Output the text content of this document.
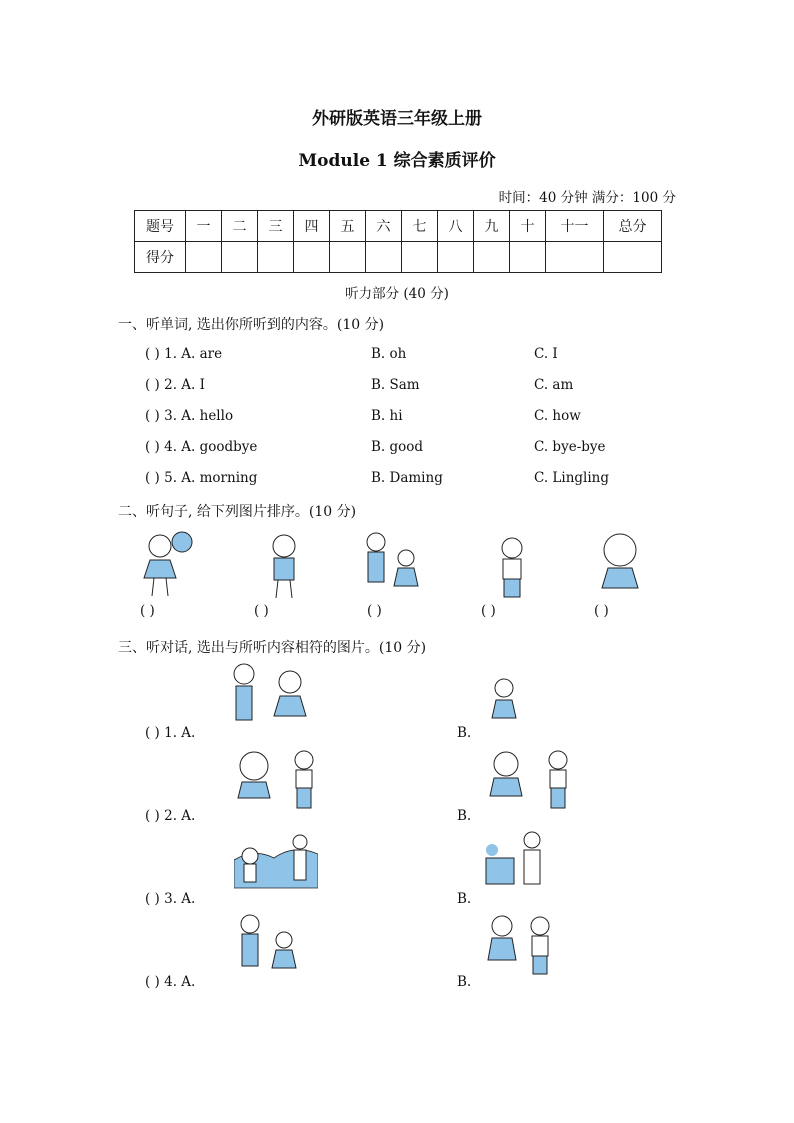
外研版英语三年级上册
Module 1 综合素质评价
时间：40 分钟 满分：100 分
题号	一	二	三	四	五	六	七	八	九	十	十一	总分
得分												
听力部分 (40 分)
一、听单词, 选出你所听到的内容。(10 分)
( ) 1. A. are	B. oh	C. I
( ) 2. A. I	B. Sam	C. am
( ) 3. A. hello	B. hi	C. how
( ) 4. A. goodbye	B. good	C. bye-bye
( ) 5. A. morning	B. Daming	C. Lingling
二、听句子, 给下列图片排序。(10 分)
( )	( )	( )	( )	( )
三、听对话, 选出与所听内容相符的图片。(10 分)
( ) 1. A.	B.
( ) 2. A.	B.
( ) 3. A.	B.
( ) 4. A.	B.
